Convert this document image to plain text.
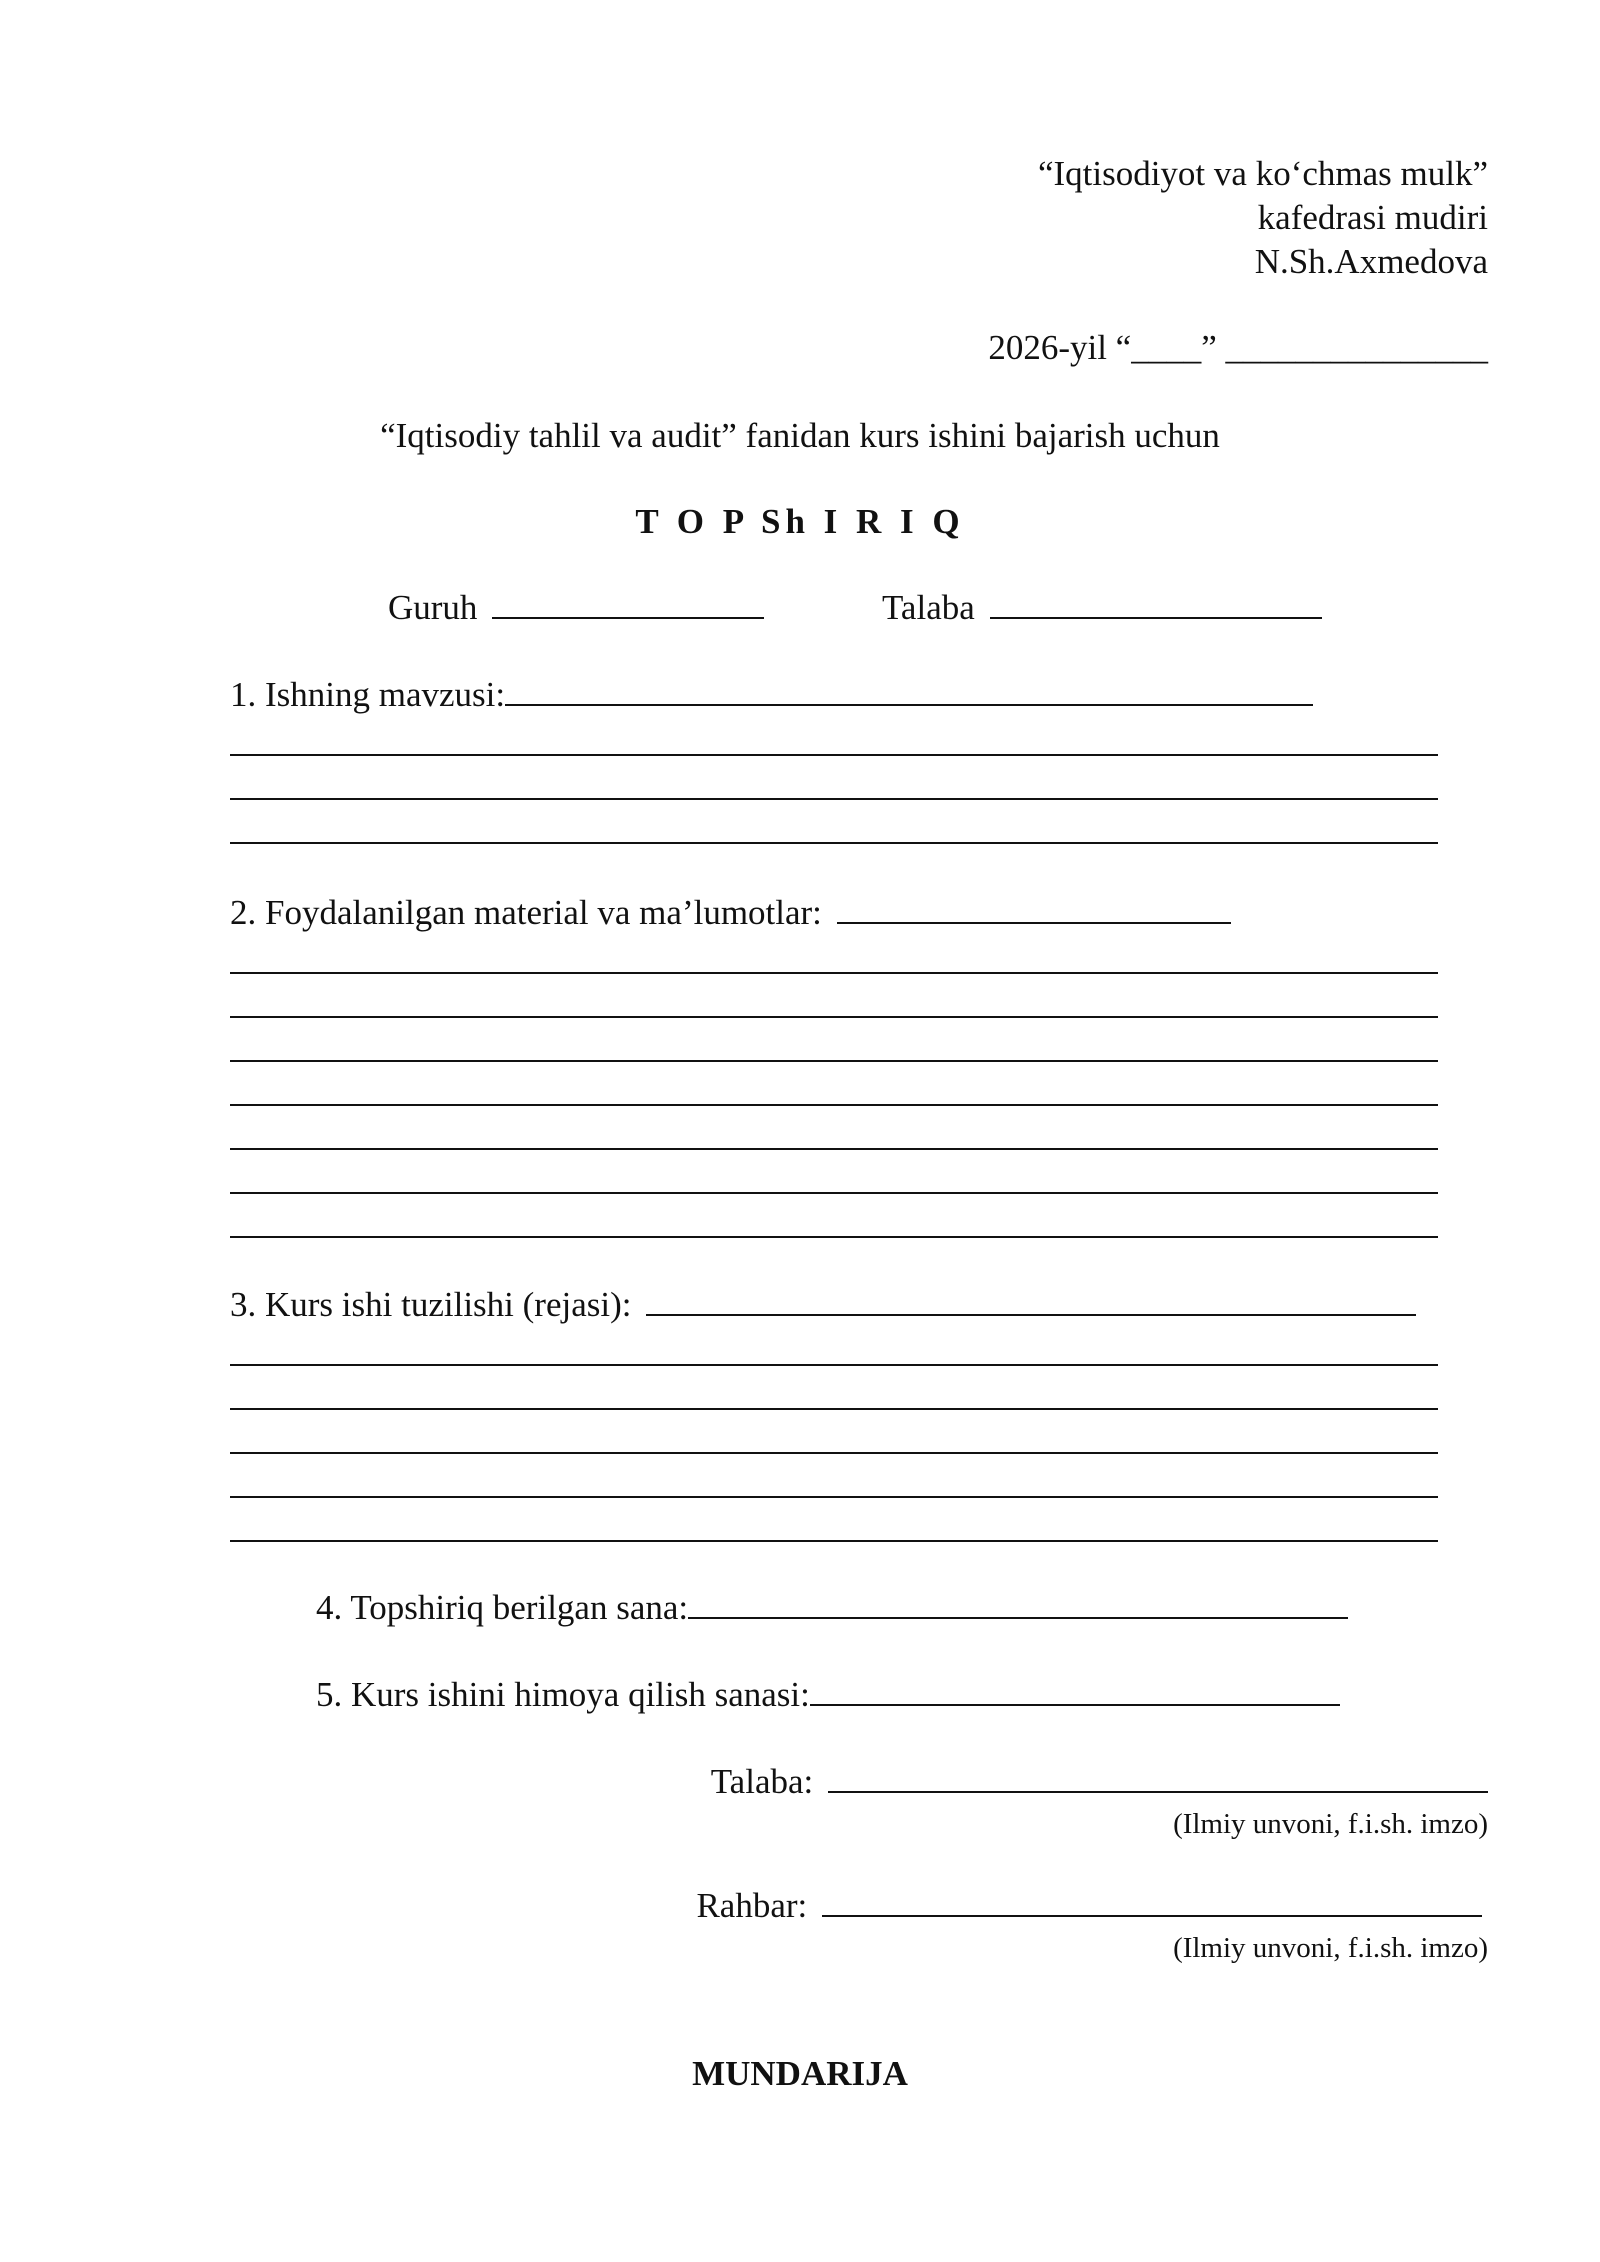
“Iqtisodiyot va ko‘chmas mulk”
kafedrasi mudiri
N.Sh.Axmedova
2026-yil “____” _______________
“Iqtisodiy tahlil va audit” fanidan kurs ishini bajarish uchun
T O P Sh I R I Q
Guruh	Talaba
1. Ishning mavzusi:
2. Foydalanilgan material va ma’lumotlar:
3. Kurs ishi tuzilishi (rejasi):
4. Topshiriq berilgan sana:
5. Kurs ishini himoya qilish sanasi:
Talaba:
(Ilmiy unvoni, f.i.sh. imzo)
Rahbar:
(Ilmiy unvoni, f.i.sh. imzo)
MUNDARIJA
